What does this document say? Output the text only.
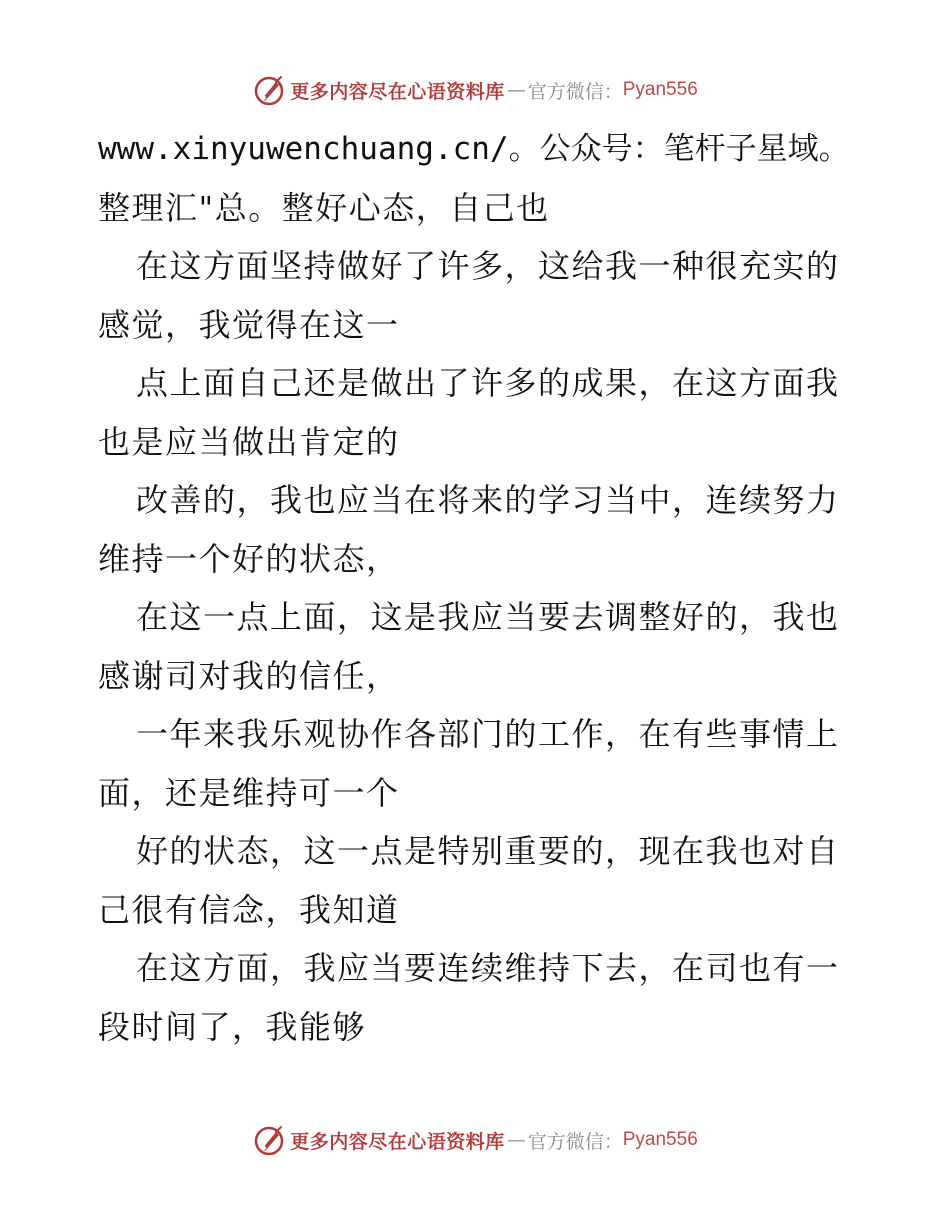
更多内容尽在心语资料库 — 官方微信： Pyan556
www.xinyuwenchuang.cn/。公众号：笔杆子星域。
整理汇"总。整好心态，自己也
在这方面坚持做好了许多，这给我一种很充实的
感觉，我觉得在这一
点上面自己还是做出了许多的成果，在这方面我
也是应当做出肯定的
改善的，我也应当在将来的学习当中，连续努力
维持一个好的状态，
在这一点上面，这是我应当要去调整好的，我也
感谢司对我的信任，
一年来我乐观协作各部门的工作，在有些事情上
面，还是维持可一个
好的状态，这一点是特别重要的，现在我也对自
己很有信念，我知道
在这方面，我应当要连续维持下去，在司也有一
段时间了，我能够
更多内容尽在心语资料库 — 官方微信： Pyan556
